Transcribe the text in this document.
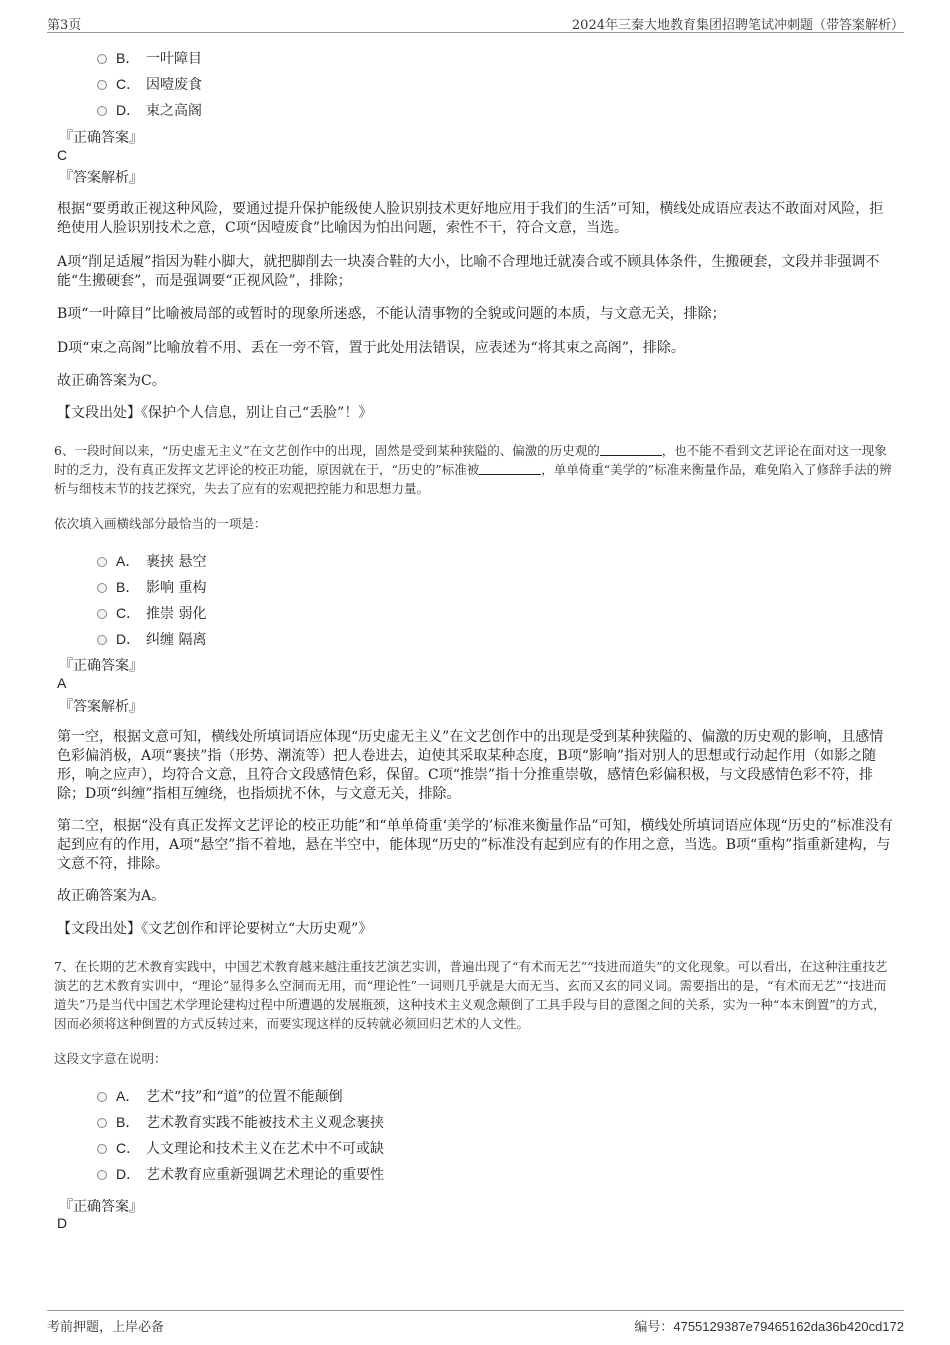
第3页	2024年三秦大地教育集团招聘笔试冲刺题（带答案解析）
B． 一叶障目
C． 因噎废食
D． 束之高阁
『正确答案』
C
『答案解析』
根据“要勇敢正视这种风险，要通过提升保护能级使人脸识别技术更好地应用于我们的生活”可知，横线处成语应表达不敢面对风险，拒绝使用人脸识别技术之意，C项“因噎废食”比喻因为怕出问题，索性不干，符合文意，当选。
A项“削足适履”指因为鞋小脚大，就把脚削去一块凑合鞋的大小，比喻不合理地迁就凑合或不顾具体条件，生搬硬套，文段并非强调不能“生搬硬套”，而是强调要“正视风险”，排除；
B项“一叶障目”比喻被局部的或暂时的现象所迷惑，不能认清事物的全貌或问题的本质，与文意无关，排除；
D项“束之高阁”比喻放着不用、丢在一旁不管，置于此处用法错误，应表述为“将其束之高阁”，排除。
故正确答案为C。
【文段出处】《保护个人信息，别让自己“丢脸”！》
6、一段时间以来，“历史虚无主义”在文艺创作中的出现，固然是受到某种狭隘的、偏激的历史观的	，也不能不看到文艺评论在面对这一现象时的乏力，没有真正发挥文艺评论的校正功能，原因就在于，“历史的”标准被	，单单倚重“美学的”标准来衡量作品，难免陷入了修辞手法的辨析与细枝末节的技艺探究，失去了应有的宏观把控能力和思想力量。
依次填入画横线部分最恰当的一项是：
A． 裹挟 悬空
B． 影响 重构
C． 推崇 弱化
D． 纠缠 隔离
『正确答案』
A
『答案解析』
第一空，根据文意可知，横线处所填词语应体现“历史虚无主义”在文艺创作中的出现是受到某种狭隘的、偏激的历史观的影响，且感情色彩偏消极，A项“裹挟”指（形势、潮流等）把人卷进去，迫使其采取某种态度，B项“影响”指对别人的思想或行动起作用（如影之随形，响之应声），均符合文意，且符合文段感情色彩，保留。C项“推崇”指十分推重崇敬，感情色彩偏积极，与文段感情色彩不符，排除；D项“纠缠”指相互缠绕，也指烦扰不休，与文意无关，排除。
第二空，根据“没有真正发挥文艺评论的校正功能”和“单单倚重‘美学的’标准来衡量作品”可知，横线处所填词语应体现“历史的”标准没有起到应有的作用，A项“悬空”指不着地，悬在半空中，能体现“历史的”标准没有起到应有的作用之意，当选。B项“重构”指重新建构，与文意不符，排除。
故正确答案为A。
【文段出处】《文艺创作和评论要树立“大历史观”》
7、在长期的艺术教育实践中，中国艺术教育越来越注重技艺演艺实训，普遍出现了“有术而无艺”“技进而道失”的文化现象。可以看出，在这种注重技艺演艺的艺术教育实训中，“理论”显得多么空洞而无用，而“理论性”一词则几乎就是大而无当、玄而又玄的同义词。需要指出的是，“有术而无艺”“技进而道失”乃是当代中国艺术学理论建构过程中所遭遇的发展瓶颈，这种技术主义观念颠倒了工具手段与目的意图之间的关系，实为一种“本末倒置”的方式，因而必须将这种倒置的方式反转过来，而要实现这样的反转就必须回归艺术的人文性。
这段文字意在说明：
A． 艺术“技”和“道”的位置不能颠倒
B． 艺术教育实践不能被技术主义观念裹挟
C． 人文理论和技术主义在艺术中不可或缺
D． 艺术教育应重新强调艺术理论的重要性
『正确答案』
D
考前押题，上岸必备	编号：4755129387e79465162da36b420cd172
